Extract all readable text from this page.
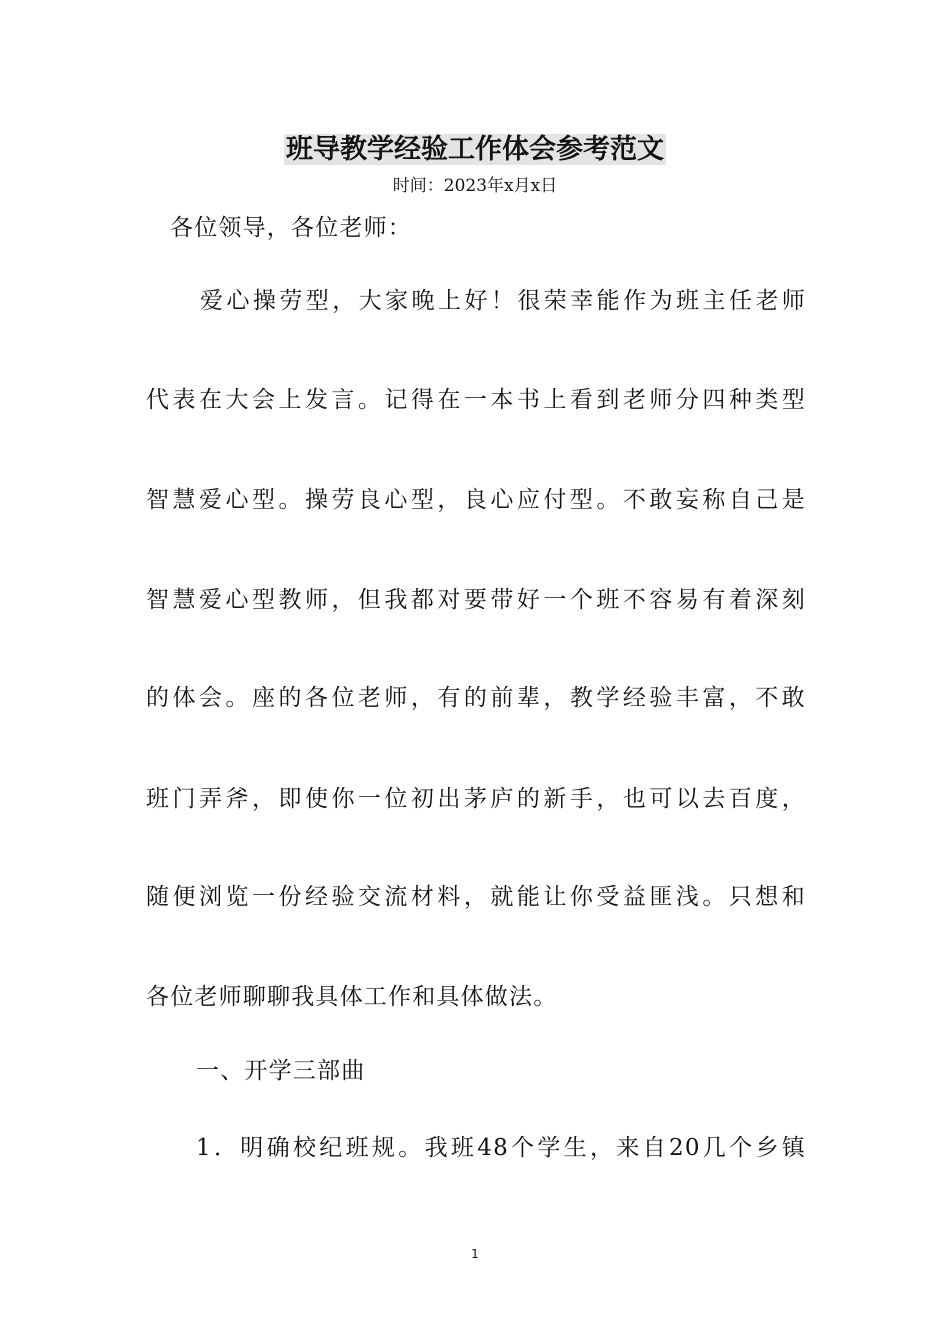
班导教学经验工作体会参考范文
时间：2023年x月x日
各位领导，各位老师：
爱心操劳型，大家晚上好！很荣幸能作为班主任老师
代表在大会上发言。记得在一本书上看到老师分四种类型
智慧爱心型。操劳良心型，良心应付型。不敢妄称自己是
智慧爱心型教师，但我都对要带好一个班不容易有着深刻
的体会。座的各位老师，有的前辈，教学经验丰富，不敢
班门弄斧，即使你一位初出茅庐的新手，也可以去百度，
随便浏览一份经验交流材料，就能让你受益匪浅。只想和
各位老师聊聊我具体工作和具体做法。
一、开学三部曲
1．明确校纪班规。我班48个学生，来自20几个乡镇
1
